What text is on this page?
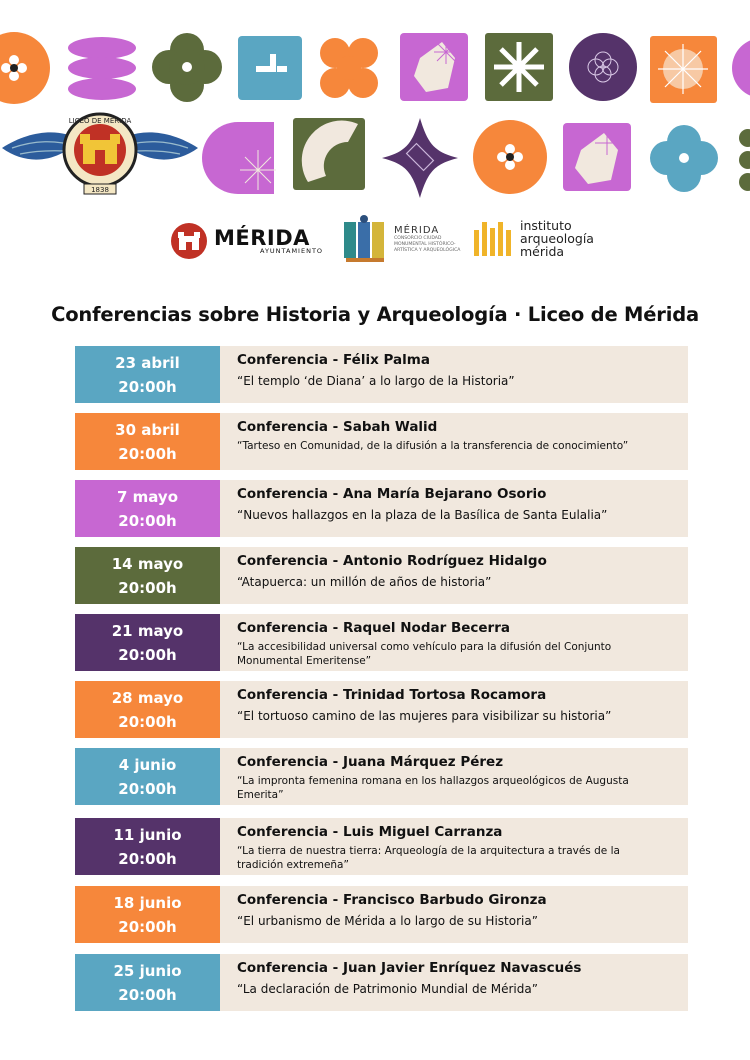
LICEO DE MÉRIDA
1838
MÉRIDA
AYUNTAMIENTO
MÉRIDA
CONSORCIO CIUDAD MONUMENTAL HISTÓRICO-ARTÍSTICA Y ARQUEOLÓGICA
instituto
arqueología
mérida
Conferencias sobre Historia y Arqueología · Liceo de Mérida
23 abril
20:00h
Conferencia - Félix Palma
“El templo ‘de Diana’ a lo largo de la Historia”
30 abril
20:00h
Conferencia - Sabah Walid
“Tarteso en Comunidad, de la difusión a la transferencia de conocimiento”
7 mayo
20:00h
Conferencia - Ana María Bejarano Osorio
“Nuevos hallazgos en la plaza de la Basílica de Santa Eulalia”
14 mayo
20:00h
Conferencia - Antonio Rodríguez Hidalgo
“Atapuerca: un millón de años de historia”
21 mayo
20:00h
Conferencia - Raquel Nodar Becerra
“La accesibilidad universal como vehículo para la difusión del Conjunto Monumental Emeritense”
28 mayo
20:00h
Conferencia - Trinidad Tortosa Rocamora
“El tortuoso camino de las mujeres para visibilizar su historia”
4 junio
20:00h
Conferencia - Juana Márquez Pérez
“La impronta femenina romana en los hallazgos arqueológicos de Augusta Emerita”
11 junio
20:00h
Conferencia - Luis Miguel Carranza
“La tierra de nuestra tierra: Arqueología de la arquitectura a través de la tradición extremeña”
18 junio
20:00h
Conferencia - Francisco Barbudo Gironza
“El urbanismo de Mérida a lo largo de su Historia”
25 junio
20:00h
Conferencia - Juan Javier Enríquez Navascués
“La declaración de Patrimonio Mundial de Mérida”
